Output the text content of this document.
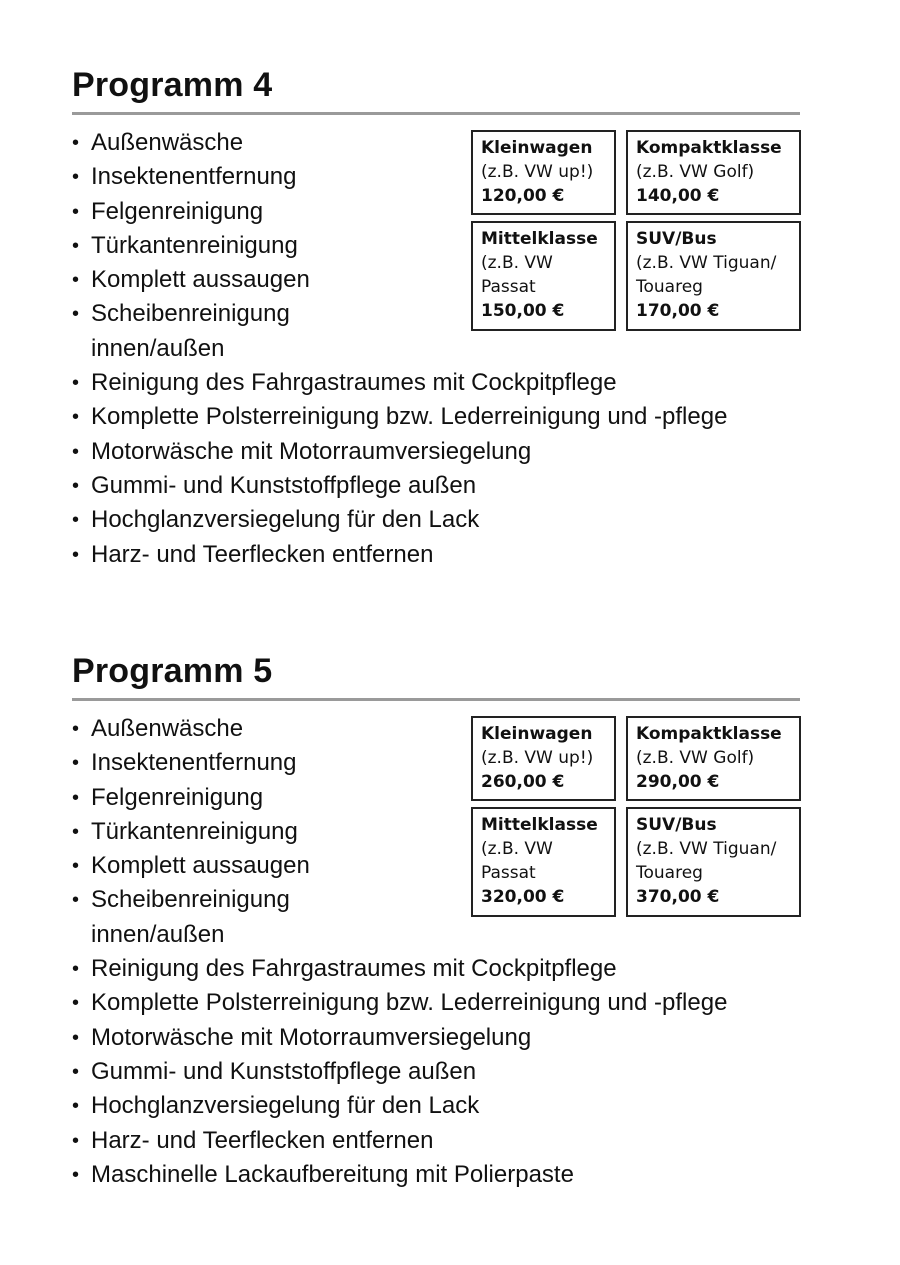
Programm 4
• Außenwäsche
• Insektenentfernung
• Felgenreinigung
• Türkantenreinigung
• Komplett aussaugen
• Scheibenreinigung innen/außen
• Reinigung des Fahrgastraumes mit Cockpitpflege
• Komplette Polsterreinigung bzw. Lederreinigung und -pflege
• Motorwäsche mit Motorraumversiegelung
• Gummi- und Kunststoffpflege außen
• Hochglanzversiegelung für den Lack
• Harz- und Teerflecken entfernen
Kleinwagen
(z.B. VW up!)
120,00 €
Kompaktklasse
(z.B. VW Golf)
140,00 €
Mittelklasse
(z.B. VW Passat
150,00 €
SUV/Bus
(z.B. VW Tiguan/ Touareg
170,00 €
Programm 5
• Außenwäsche
• Insektenentfernung
• Felgenreinigung
• Türkantenreinigung
• Komplett aussaugen
• Scheibenreinigung innen/außen
• Reinigung des Fahrgastraumes mit Cockpitpflege
• Komplette Polsterreinigung bzw. Lederreinigung und -pflege
• Motorwäsche mit Motorraumversiegelung
• Gummi- und Kunststoffpflege außen
• Hochglanzversiegelung für den Lack
• Harz- und Teerflecken entfernen
• Maschinelle Lackaufbereitung mit Polierpaste
Kleinwagen
(z.B. VW up!)
260,00 €
Kompaktklasse
(z.B. VW Golf)
290,00 €
Mittelklasse
(z.B. VW Passat
320,00 €
SUV/Bus
(z.B. VW Tiguan/ Touareg
370,00 €
